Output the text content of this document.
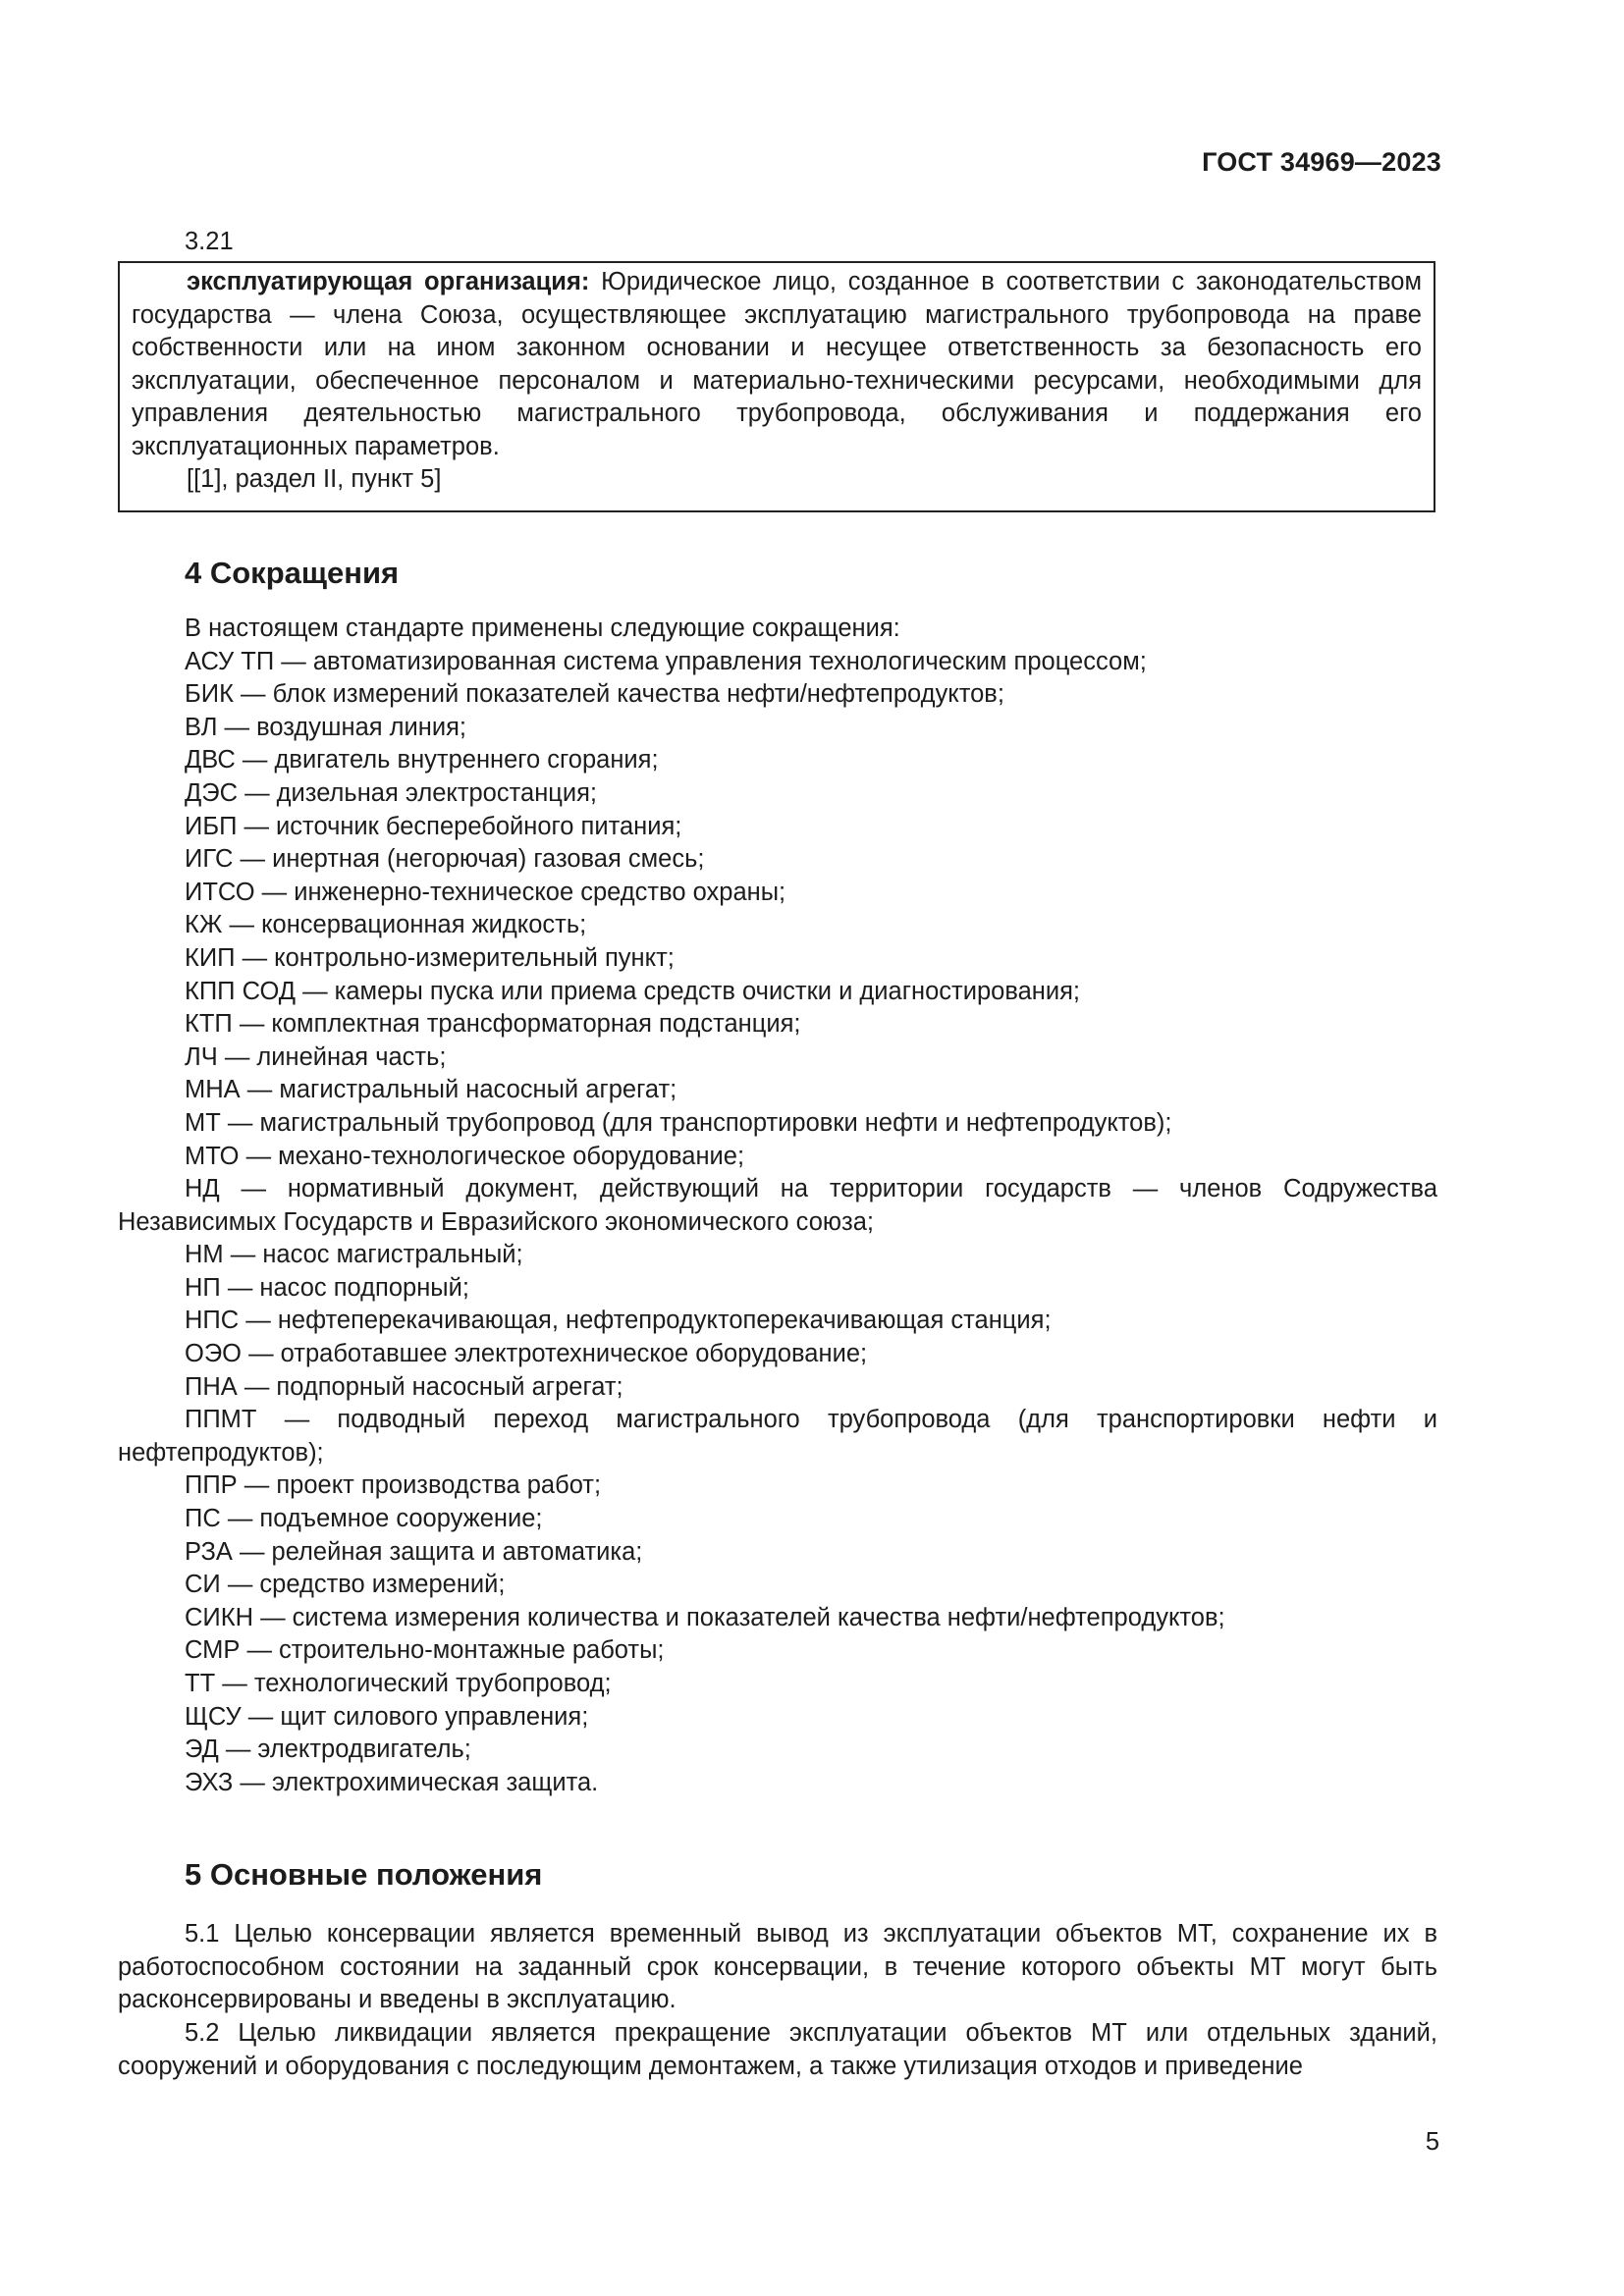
ГОСТ 34969—2023
3.21

эксплуатирующая организация: Юридическое лицо, созданное в соответствии с законодательством государства — члена Союза, осуществляющее эксплуатацию магистрального трубопровода на праве собственности или на ином законном основании и несущее ответственность за безопасность его эксплуатации, обеспеченное персоналом и материально-техническими ресурсами, необходимыми для управления деятельностью магистрального трубопровода, обслуживания и поддержания его эксплуатационных параметров.

[[1], раздел II, пункт 5]

4 Сокращения
В настоящем стандарте применены следующие сокращения:
АСУ ТП — автоматизированная система управления технологическим процессом;
БИК — блок измерений показателей качества нефти/нефтепродуктов;
ВЛ — воздушная линия;
ДВС — двигатель внутреннего сгорания;
ДЭС — дизельная электростанция;
ИБП — источник бесперебойного питания;
ИГС — инертная (негорючая) газовая смесь;
ИТСО — инженерно-техническое средство охраны;
КЖ — консервационная жидкость;
КИП — контрольно-измерительный пункт;
КПП СОД — камеры пуска или приема средств очистки и диагностирования;
КТП — комплектная трансформаторная подстанция;
ЛЧ — линейная часть;
МНА — магистральный насосный агрегат;
МТ — магистральный трубопровод (для транспортировки нефти и нефтепродуктов);
МТО — механо-технологическое оборудование;
НД — нормативный документ, действующий на территории государств — членов Содружества Независимых Государств и Евразийского экономического союза;
НМ — насос магистральный;
НП — насос подпорный;
НПС — нефтеперекачивающая, нефтепродуктоперекачивающая станция;
ОЭО — отработавшее электротехническое оборудование;
ПНА — подпорный насосный агрегат;
ППМТ — подводный переход магистрального трубопровода (для транспортировки нефти и нефтепродуктов);
ППР — проект производства работ;
ПС — подъемное сооружение;
РЗА — релейная защита и автоматика;
СИ — средство измерений;
СИКН — система измерения количества и показателей качества нефти/нефтепродуктов;
СМР — строительно-монтажные работы;
ТТ — технологический трубопровод;
ЩСУ — щит силового управления;
ЭД — электродвигатель;
ЭХЗ — электрохимическая защита.
5 Основные положения
5.1 Целью консервации является временный вывод из эксплуатации объектов МТ, сохранение их в работоспособном состоянии на заданный срок консервации, в течение которого объекты МТ могут быть расконсервированы и введены в эксплуатацию.
5.2 Целью ликвидации является прекращение эксплуатации объектов МТ или отдельных зданий, сооружений и оборудования с последующим демонтажем, а также утилизация отходов и приведение
5
